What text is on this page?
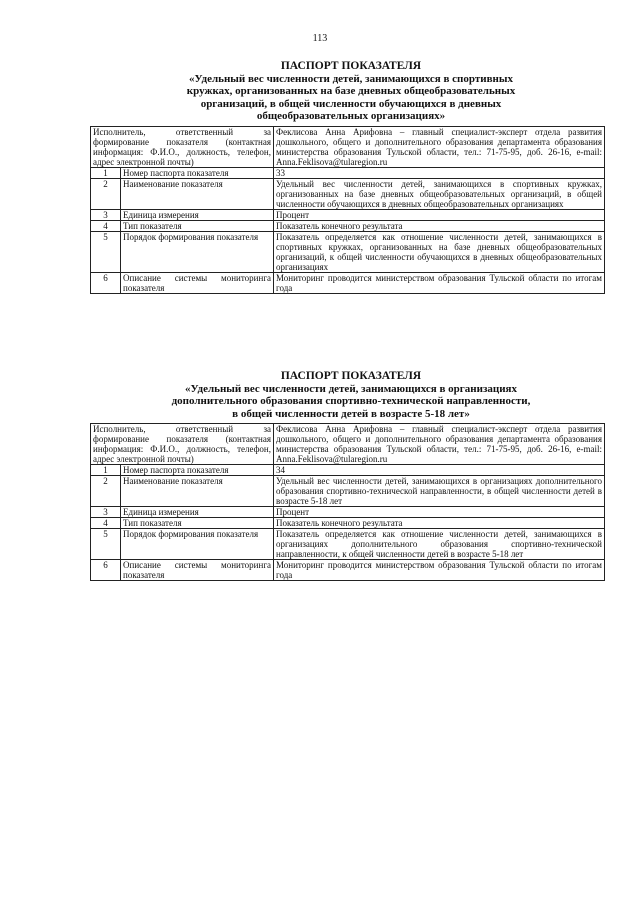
113
ПАСПОРТ ПОКАЗАТЕЛЯ
«Удельный вес численности детей, занимающихся в спортивных
кружках, организованных на базе дневных общеобразовательных
организаций, в общей численности обучающихся в дневных
общеобразовательных организациях»
Исполнитель, ответственный за формирование показателя (контактная информация: Ф.И.О., должность, телефон, адрес электронной почты)		Феклисова Анна Арифовна – главный специалист-эксперт отдела развития дошкольного, общего и дополнительного образования департамента образования министерства образования Тульской области, тел.: 71-75-95, доб. 26-16, e-mail: Anna.Feklisova@tularegion.ru
1	Номер паспорта показателя	33
2	Наименование показателя	Удельный вес численности детей, занимающихся в спортивных кружках, организованных на базе дневных общеобразовательных организаций, в общей численности обучающихся в дневных общеобразовательных организациях
3	Единица измерения	Процент
4	Тип показателя	Показатель конечного результата
5	Порядок формирования показателя	Показатель определяется как отношение численности детей, занимающихся в спортивных кружках, организованных на базе дневных общеобразовательных организаций, к общей численности обучающихся в дневных общеобразовательных организациях
6	Описание системы мониторинга показателя	Мониторинг проводится министерством образования Тульской области по итогам года
ПАСПОРТ ПОКАЗАТЕЛЯ
«Удельный вес численности детей, занимающихся в организациях
дополнительного образования спортивно-технической направленности,
в общей численности детей в возрасте 5-18 лет»
Исполнитель, ответственный за формирование показателя (контактная информация: Ф.И.О., должность, телефон, адрес электронной почты)		Феклисова Анна Арифовна – главный специалист-эксперт отдела развития дошкольного, общего и дополнительного образования департамента образования министерства образования Тульской области, тел.: 71-75-95, доб. 26-16, e-mail: Anna.Feklisova@tularegion.ru
1	Номер паспорта показателя	34
2	Наименование показателя	Удельный вес численности детей, занимающихся в организациях дополнительного образования спортивно-технической направленности, в общей численности детей в возрасте 5-18 лет
3	Единица измерения	Процент
4	Тип показателя	Показатель конечного результата
5	Порядок формирования показателя	Показатель определяется как отношение численности детей, занимающихся в организациях дополнительного образования спортивно-технической направленности, к общей численности детей в возрасте 5-18 лет
6	Описание системы мониторинга показателя	Мониторинг проводится министерством образования Тульской области по итогам года
